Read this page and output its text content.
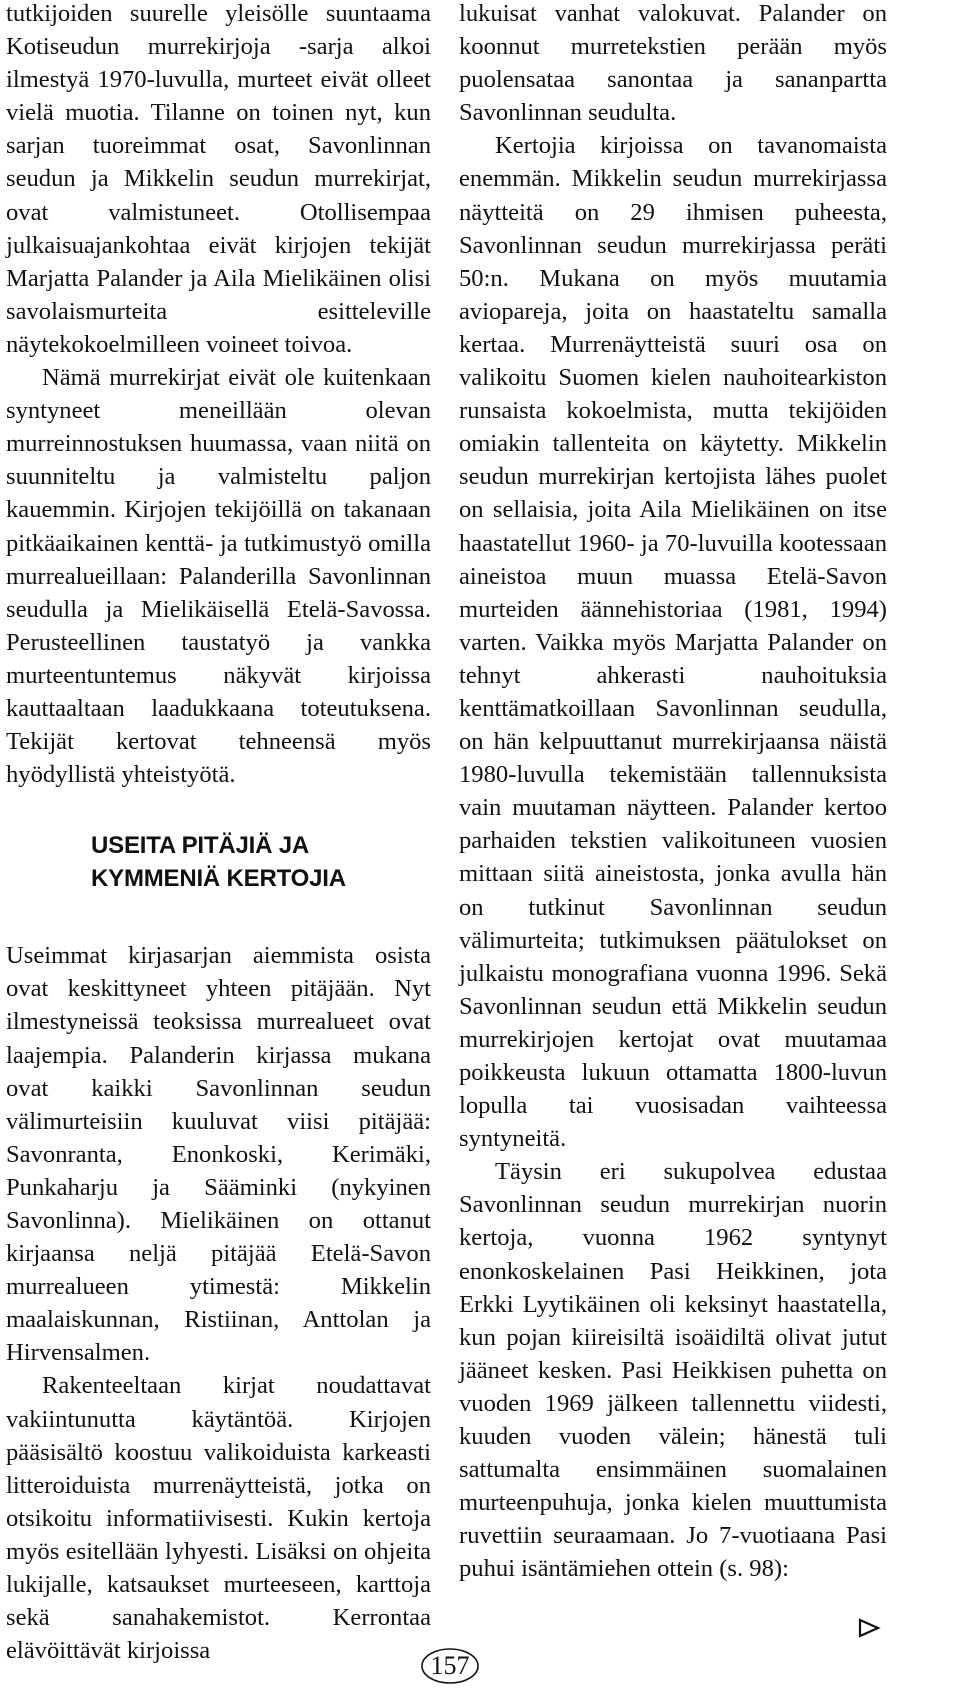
tutkijoiden suurelle yleisölle suuntaama Kotiseudun murrekirjoja -sarja alkoi ilmestyä 1970-luvulla, murteet eivät olleet vielä muotia. Tilanne on toinen nyt, kun sarjan tuoreimmat osat, Savonlinnan seudun ja Mikkelin seudun murrekirjat, ovat valmistuneet. Otollisempaa julkaisuajankohtaa eivät kirjojen tekijät Marjatta Palander ja Aila Mielikäinen olisi savolaismurteita esitteleville näytekokoelmilleen voineet toivoa.

Nämä murrekirjat eivät ole kuitenkaan syntyneet meneillään olevan murreinnostuksen huumassa, vaan niitä on suunniteltu ja valmisteltu paljon kauemmin. Kirjojen tekijöillä on takanaan pitkäaikainen kenttä- ja tutkimustyö omilla murrealueillaan: Palanderilla Savonlinnan seudulla ja Mielikäisellä Etelä-Savossa. Perusteellinen taustatyö ja vankka murteentuntemus näkyvät kirjoissa kauttaaltaan laadukkaana toteutuksena. Tekijät kertovat tehneensä myös hyödyllistä yhteistyötä.

USEITA PITÄJIÄ JA
KYMMENIÄ KERTOJIA

Useimmat kirjasarjan aiemmista osista ovat keskittyneet yhteen pitäjään. Nyt ilmestyneissä teoksissa murrealueet ovat laajempia. Palanderin kirjassa mukana ovat kaikki Savonlinnan seudun välimurteisiin kuuluvat viisi pitäjää: Savonranta, Enonkoski, Kerimäki, Punkaharju ja Sääminki (nykyinen Savonlinna). Mielikäinen on ottanut kirjaansa neljä pitäjää Etelä-Savon murrealueen ytimestä: Mikkelin maalaiskunnan, Ristiinan, Anttolan ja Hirvensalmen.

Rakenteeltaan kirjat noudattavat vakiintunutta käytäntöä. Kirjojen pääsisältö koostuu valikoiduista karkeasti litteroiduista murrenäytteistä, jotka on otsikoitu informatiivisesti. Kukin kertoja myös esitellään lyhyesti. Lisäksi on ohjeita lukijalle, katsaukset murteeseen, karttoja sekä sanahakemistot. Kerrontaa elävöittävät kirjoissa

lukuisat vanhat valokuvat. Palander on koonnut murretekstien perään myös puolensataa sanontaa ja sananpartta Savonlinnan seudulta.

Kertojia kirjoissa on tavanomaista enemmän. Mikkelin seudun murrekirjassa näytteitä on 29 ihmisen puheesta, Savonlinnan seudun murrekirjassa peräti 50:n. Mukana on myös muutamia aviopareja, joita on haastateltu samalla kertaa. Murrenäytteistä suuri osa on valikoitu Suomen kielen nauhoitearkiston runsaista kokoelmista, mutta tekijöiden omiakin tallenteita on käytetty. Mikkelin seudun murrekirjan kertojista lähes puolet on sellaisia, joita Aila Mielikäinen on itse haastatellut 1960- ja 70-luvuilla kootessaan aineistoa muun muassa Etelä-Savon murteiden äännehistoriaa (1981, 1994) varten. Vaikka myös Marjatta Palander on tehnyt ahkerasti nauhoituksia kenttämatkoillaan Savonlinnan seudulla, on hän kelpuuttanut murrekirjaansa näistä 1980-luvulla tekemistään tallennuksista vain muutaman näytteen. Palander kertoo parhaiden tekstien valikoituneen vuosien mittaan siitä aineistosta, jonka avulla hän on tutkinut Savonlinnan seudun välimurteita; tutkimuksen päätulokset on julkaistu monografiana vuonna 1996. Sekä Savonlinnan seudun että Mikkelin seudun murrekirjojen kertojat ovat muutamaa poikkeusta lukuun ottamatta 1800-luvun lopulla tai vuosisadan vaihteessa syntyneitä.

Täysin eri sukupolvea edustaa Savonlinnan seudun murrekirjan nuorin kertoja, vuonna 1962 syntynyt enonkoskelainen Pasi Heikkinen, jota Erkki Lyytikäinen oli keksinyt haastatella, kun pojan kiireisiltä isoäidiltä olivat jutut jääneet kesken. Pasi Heikkisen puhetta on vuoden 1969 jälkeen tallennettu viidesti, kuuden vuoden välein; hänestä tuli sattumalta ensimmäinen suomalainen murteenpuhuja, jonka kielen muuttumista ruvettiin seuraamaan. Jo 7-vuotiaana Pasi puhui isäntämiehen ottein (s. 98):

157
